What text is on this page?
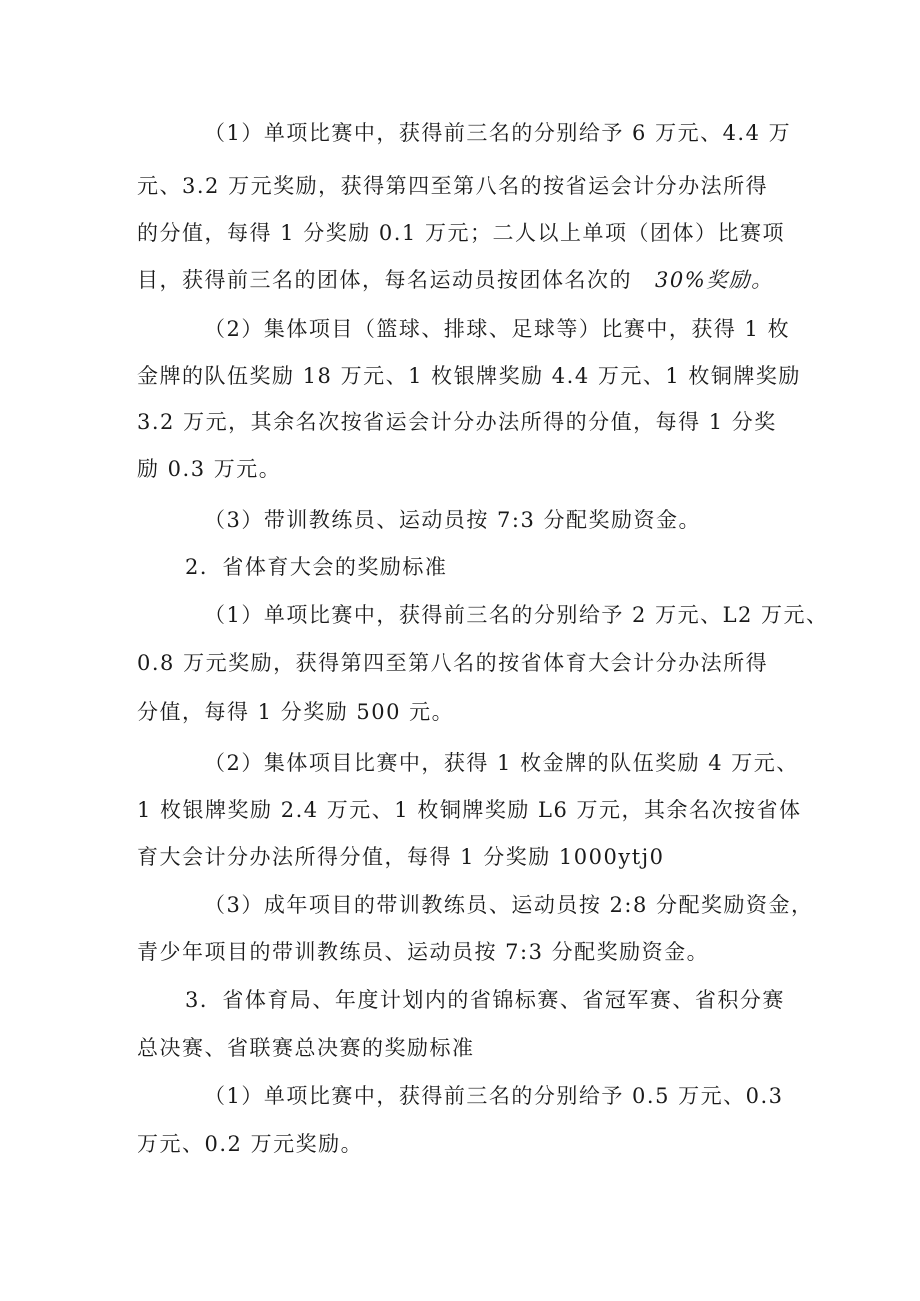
（1）单项比赛中，获得前三名的分别给予 6 万元、4.4 万
元、3.2 万元奖励，获得第四至第八名的按省运会计分办法所得
的分值，每得 1 分奖励 0.1 万元；二人以上单项（团体）比赛项
目，获得前三名的团体，每名运动员按团体名次的 30%奖励。
（2）集体项目（篮球、排球、足球等）比赛中，获得 1 枚
金牌的队伍奖励 18 万元、1 枚银牌奖励 4.4 万元、1 枚铜牌奖励
3.2 万元，其余名次按省运会计分办法所得的分值，每得 1 分奖
励 0.3 万元。
（3）带训教练员、运动员按 7:3 分配奖励资金。
2．省体育大会的奖励标准
（1）单项比赛中，获得前三名的分别给予 2 万元、L2 万元、
0.8 万元奖励，获得第四至第八名的按省体育大会计分办法所得
分值，每得 1 分奖励 500 元。
（2）集体项目比赛中，获得 1 枚金牌的队伍奖励 4 万元、
1 枚银牌奖励 2.4 万元、1 枚铜牌奖励 L6 万元，其余名次按省体
育大会计分办法所得分值，每得 1 分奖励 1000ytj0
（3）成年项目的带训教练员、运动员按 2:8 分配奖励资金，
青少年项目的带训教练员、运动员按 7:3 分配奖励资金。
3．省体育局、年度计划内的省锦标赛、省冠军赛、省积分赛
总决赛、省联赛总决赛的奖励标准
（1）单项比赛中，获得前三名的分别给予 0.5 万元、0.3
万元、0.2 万元奖励。
